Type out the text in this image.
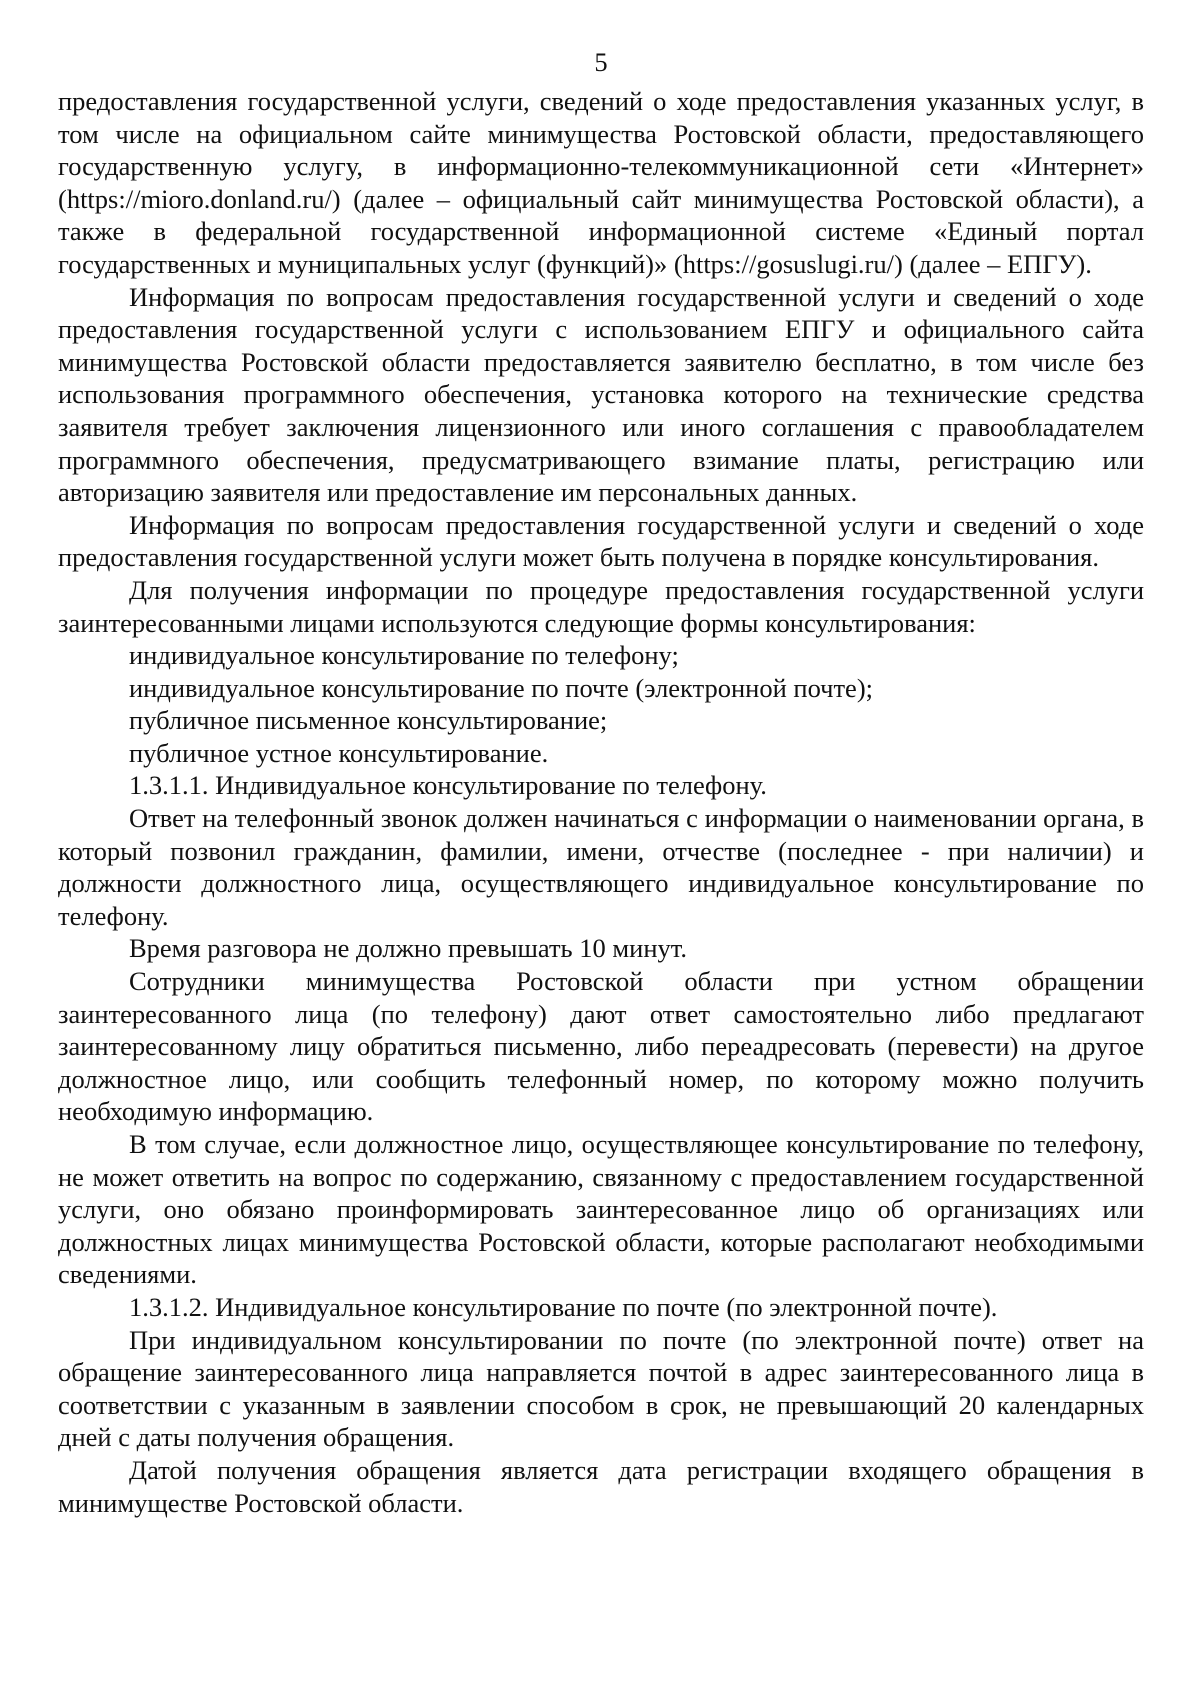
5

предоставления государственной услуги, сведений о ходе предоставления указанных услуг, в том числе на официальном сайте минимущества Ростовской области, предоставляющего государственную услугу, в информационно-телекоммуникационной сети «Интернет» (https://mioro.donland.ru/) (далее – официальный сайт минимущества Ростовской области), а также в федеральной государственной информационной системе «Единый портал государственных и муниципальных услуг (функций)» (https://gosuslugi.ru/) (далее – ЕПГУ).

Информация по вопросам предоставления государственной услуги и сведений о ходе предоставления государственной услуги с использованием ЕПГУ и официального сайта минимущества Ростовской области предоставляется заявителю бесплатно, в том числе без использования программного обеспечения, установка которого на технические средства заявителя требует заключения лицензионного или иного соглашения с правообладателем программного обеспечения, предусматривающего взимание платы, регистрацию или авторизацию заявителя или предоставление им персональных данных.

Информация по вопросам предоставления государственной услуги и сведений о ходе предоставления государственной услуги может быть получена в порядке консультирования.

Для получения информации по процедуре предоставления государственной услуги заинтересованными лицами используются следующие формы консультирования:

индивидуальное консультирование по телефону;
индивидуальное консультирование по почте (электронной почте);
публичное письменное консультирование;
публичное устное консультирование.
1.3.1.1. Индивидуальное консультирование по телефону.

Ответ на телефонный звонок должен начинаться с информации о наименовании органа, в который позвонил гражданин, фамилии, имени, отчестве (последнее - при наличии) и должности должностного лица, осуществляющего индивидуальное консультирование по телефону.

Время разговора не должно превышать 10 минут.

Сотрудники минимущества Ростовской области при устном обращении заинтересованного лица (по телефону) дают ответ самостоятельно либо предлагают заинтересованному лицу обратиться письменно, либо переадресовать (перевести) на другое должностное лицо, или сообщить телефонный номер, по которому можно получить необходимую информацию.

В том случае, если должностное лицо, осуществляющее консультирование по телефону, не может ответить на вопрос по содержанию, связанному с предоставлением государственной услуги, оно обязано проинформировать заинтересованное лицо об организациях или должностных лицах минимущества Ростовской области, которые располагают необходимыми сведениями.

1.3.1.2. Индивидуальное консультирование по почте (по электронной почте).

При индивидуальном консультировании по почте (по электронной почте) ответ на обращение заинтересованного лица направляется почтой в адрес заинтересованного лица в соответствии с указанным в заявлении способом в срок, не превышающий 20 календарных дней с даты получения обращения.

Датой получения обращения является дата регистрации входящего обращения в минимуществе Ростовской области.
